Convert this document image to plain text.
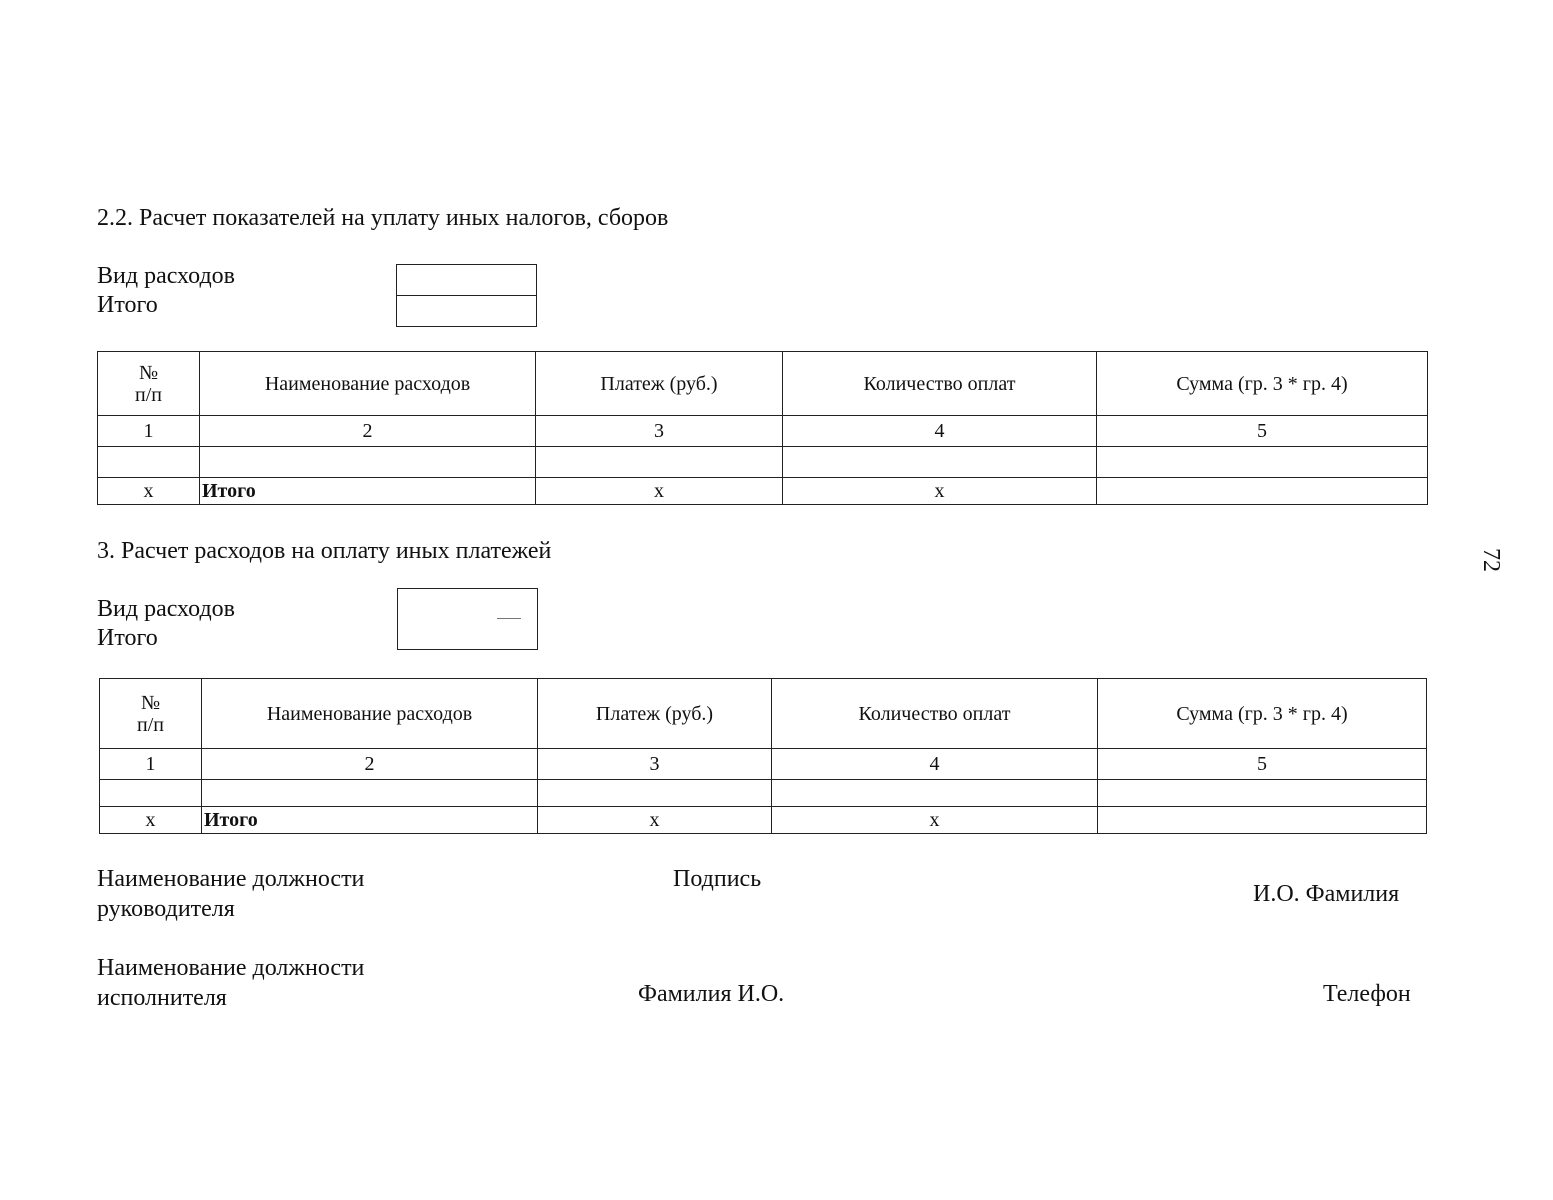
2.2. Расчет показателей на уплату иных налогов, сборов
Вид расходов
Итого
№
п/п	Наименование расходов	Платеж (руб.)	Количество оплат	Сумма (гр. 3 * гр. 4)
1	2	3	4	5

x	Итого	x	x	
72
3. Расчет расходов на оплату иных платежей
Вид расходов
Итого
№
п/п	Наименование расходов	Платеж (руб.)	Количество оплат	Сумма (гр. 3 * гр. 4)
1	2	3	4	5

x	Итого	x	x	
Наименование должности
руководителя
Подпись
И.О. Фамилия
Наименование должности
исполнителя	Фамилия И.О.	Телефон
